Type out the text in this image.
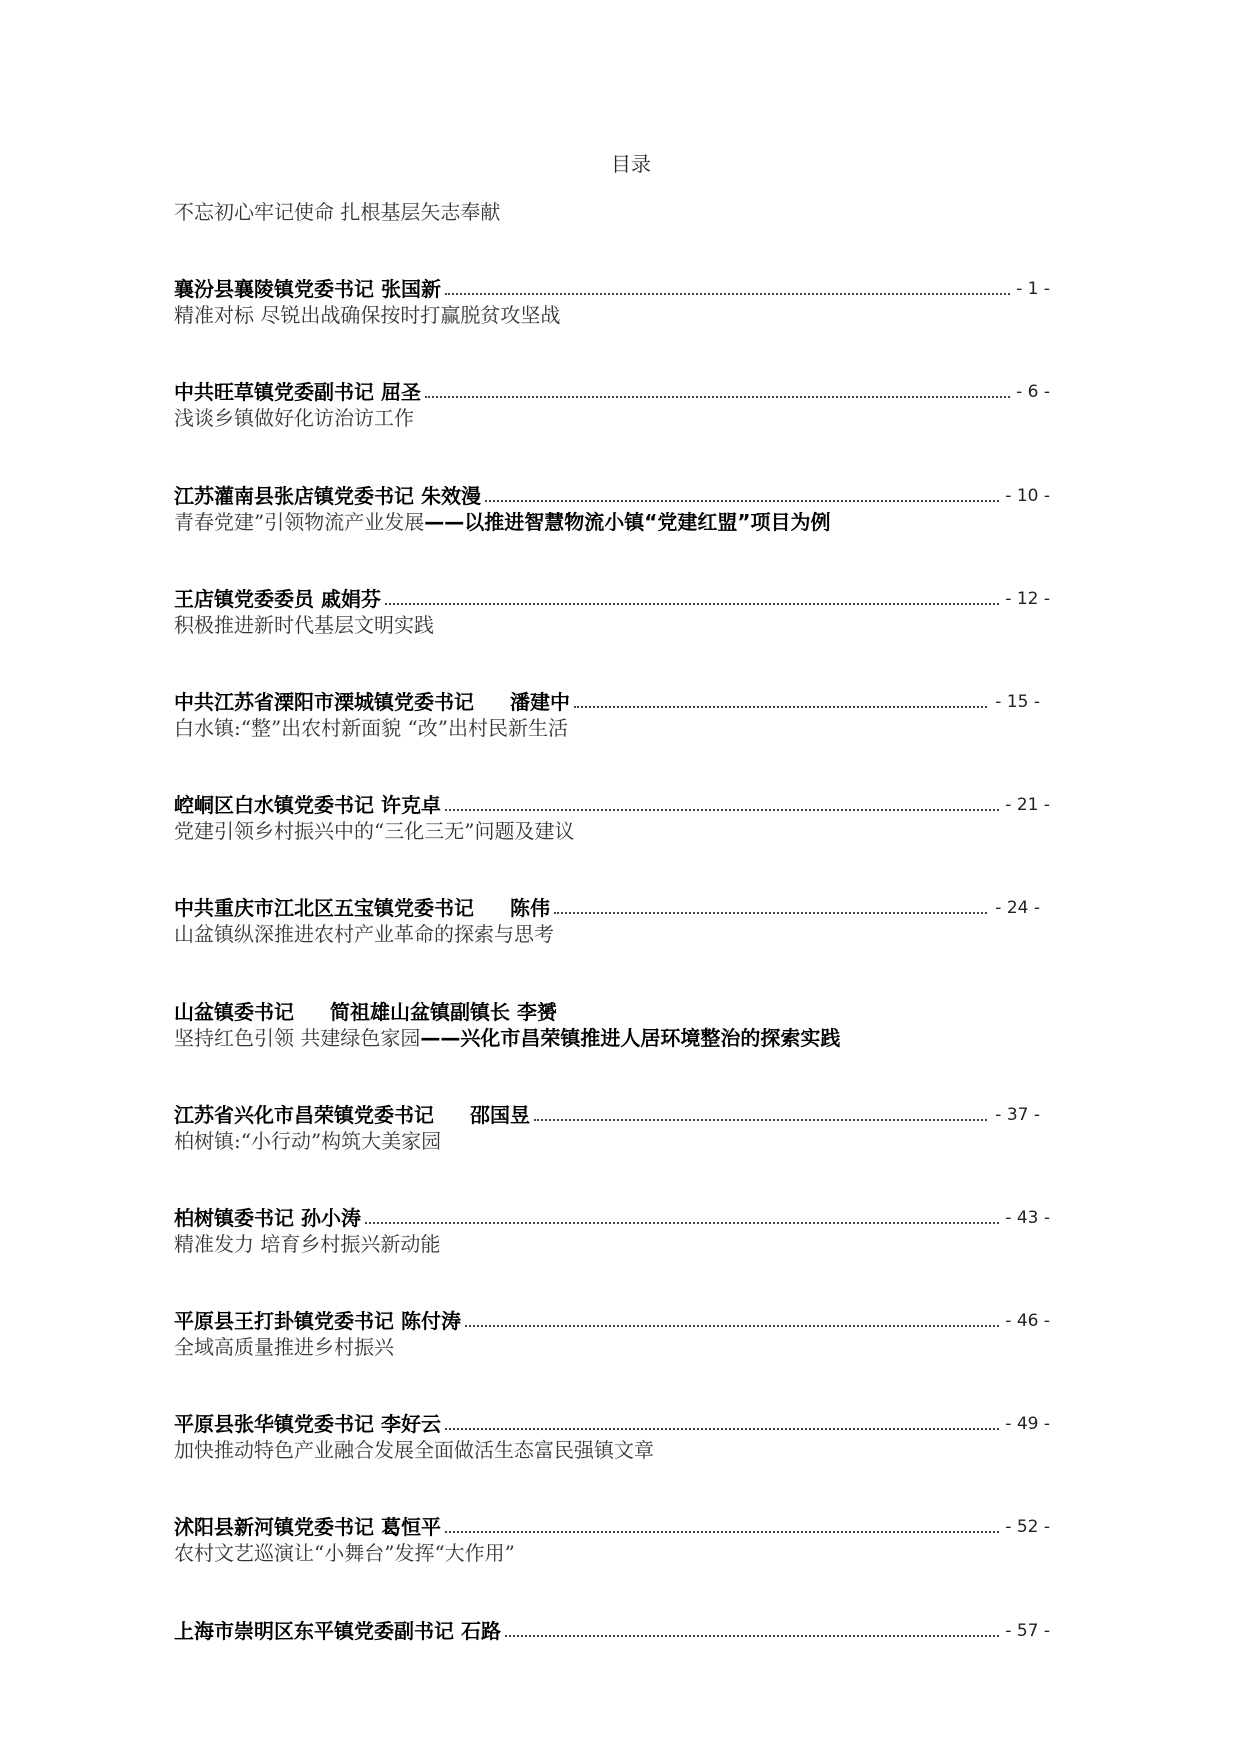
目录
不忘初心牢记使命 扎根基层矢志奉献
襄汾县襄陵镇党委书记 张国新	- 1 -
精准对标 尽锐出战确保按时打赢脱贫攻坚战
中共旺草镇党委副书记 屈圣	- 6 -
浅谈乡镇做好化访治访工作
江苏灌南县张店镇党委书记 朱效漫	- 10 -
青春党建”引领物流产业发展——以推进智慧物流小镇“党建红盟”项目为例
王店镇党委委员 戚娟芬	- 12 -
积极推进新时代基层文明实践
中共江苏省溧阳市溧城镇党委书记 潘建中	- 15 -
白水镇:“整”出农村新面貌 “改”出村民新生活
崆峒区白水镇党委书记 许克卓	- 21 -
党建引领乡村振兴中的“三化三无”问题及建议
中共重庆市江北区五宝镇党委书记 陈伟	- 24 -
山盆镇纵深推进农村产业革命的探索与思考
山盆镇委书记 简祖雄山盆镇副镇长 李赟
坚持红色引领 共建绿色家园——兴化市昌荣镇推进人居环境整治的探索实践
江苏省兴化市昌荣镇党委书记 邵国昱	- 37 -
柏树镇:“小行动”构筑大美家园
柏树镇委书记 孙小涛	- 43 -
精准发力 培育乡村振兴新动能
平原县王打卦镇党委书记 陈付涛	- 46 -
全域高质量推进乡村振兴
平原县张华镇党委书记 李好云	- 49 -
加快推动特色产业融合发展全面做活生态富民强镇文章
沭阳县新河镇党委书记 葛恒平	- 52 -
农村文艺巡演让“小舞台”发挥“大作用”
上海市崇明区东平镇党委副书记 石路	- 57 -
